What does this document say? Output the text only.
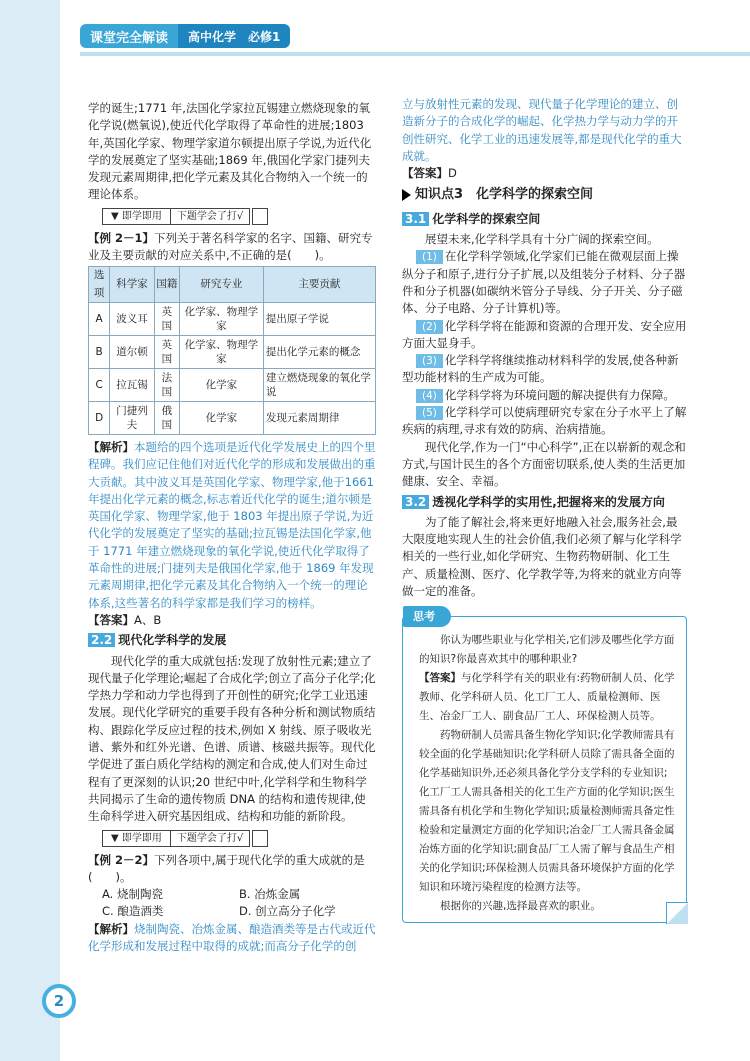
课堂完全解读	高中化学　必修1

学的诞生;1771 年,法国化学家拉瓦锡建立燃烧现象的氧化学说(燃氧说),使近代化学取得了革命性的进展;1803 年,英国化学家、物理学家道尔顿提出原子学说,为近代化学的发展奠定了坚实基础;1869 年,俄国化学家门捷列夫发现元素周期律,把化学元素及其化合物纳入一个统一的理论体系。

▼ 即学即用	下题学会了打√

【例 2－1】下列关于著名科学家的名字、国籍、研究专业及主要贡献的对应关系中,不正确的是(　　)。

选项	科学家	国籍	研究专业	主要贡献
A	波义耳	英国	化学家、物理学家	提出原子学说
B	道尔顿	英国	化学家、物理学家	提出化学元素的概念
C	拉瓦锡	法国	化学家	建立燃烧现象的氧化学说
D	门捷列夫	俄国	化学家	发现元素周期律

【解析】本题给的四个选项是近代化学发展史上的四个里程碑。我们应记住他们对近代化学的形成和发展做出的重大贡献。其中波义耳是英国化学家、物理学家,他于1661 年提出化学元素的概念,标志着近代化学的诞生;道尔顿是英国化学家、物理学家,他于 1803 年提出原子学说,为近代化学的发展奠定了坚实的基础;拉瓦锡是法国化学家,他于 1771 年建立燃烧现象的氧化学说,使近代化学取得了革命性的进展;门捷列夫是俄国化学家,他于 1869 年发现元素周期律,把化学元素及其化合物纳入一个统一的理论体系,这些著名的科学家都是我们学习的榜样。

【答案】A、B

2.2 现代化学科学的发展

现代化学的重大成就包括:发现了放射性元素;建立了现代量子化学理论;崛起了合成化学;创立了高分子化学;化学热力学和动力学也得到了开创性的研究;化学工业迅速发展。现代化学研究的重要手段有各种分析和测试物质结构、跟踪化学反应过程的技术,例如 X 射线、原子吸收光谱、紫外和红外光谱、色谱、质谱、核磁共振等。现代化学促进了蛋白质化学结构的测定和合成,使人们对生命过程有了更深刻的认识;20 世纪中叶,化学科学和生物科学共同揭示了生命的遗传物质 DNA 的结构和遗传规律,使生命科学进入研究基因组成、结构和功能的新阶段。

▼ 即学即用	下题学会了打√

【例 2－2】下列各项中,属于现代化学的重大成就的是(　　)。

A. 烧制陶瓷	B. 冶炼金属
C. 酿造酒类	D. 创立高分子化学

【解析】烧制陶瓷、冶炼金属、酿造酒类等是古代或近代化学形成和发展过程中取得的成就;而高分子化学的创

立与放射性元素的发现、现代量子化学理论的建立、创造新分子的合成化学的崛起、化学热力学与动力学的开创性研究、化学工业的迅速发展等,都是现代化学的重大成就。

【答案】D

知识点3　化学科学的探索空间
3.1 化学科学的探索空间

展望未来,化学科学具有十分广阔的探索空间。

(1) 在化学科学领域,化学家们已能在微观层面上操纵分子和原子,进行分子扩展,以及组装分子材料、分子器件和分子机器(如碳纳米管分子导线、分子开关、分子磁体、分子电路、分子计算机)等。

(2) 化学科学将在能源和资源的合理开发、安全应用方面大显身手。

(3) 化学科学将继续推动材料科学的发展,使各种新型功能材料的生产成为可能。

(4) 化学科学将为环境问题的解决提供有力保障。

(5) 化学科学可以使病理研究专家在分子水平上了解疾病的病理,寻求有效的防病、治病措施。

现代化学,作为一门“中心科学”,正在以崭新的观念和方式,与国计民生的各个方面密切联系,使人类的生活更加健康、安全、幸福。

3.2 透视化学科学的实用性,把握将来的发展方向

为了能了解社会,将来更好地融入社会,服务社会,最大限度地实现人生的社会价值,我们必须了解与化学科学相关的一些行业,如化学研究、生物药物研制、化工生产、质量检测、医疗、化学教学等,为将来的就业方向等做一定的准备。

思考

你认为哪些职业与化学相关,它们涉及哪些化学方面的知识?你最喜欢其中的哪种职业?

【答案】与化学科学有关的职业有:药物研制人员、化学教师、化学科研人员、化工厂工人、质量检测师、医生、冶金厂工人、副食品厂工人、环保检测人员等。

药物研制人员需具备生物化学知识;化学教师需具有较全面的化学基础知识;化学科研人员除了需具备全面的化学基础知识外,还必须具备化学分支学科的专业知识;化工厂工人需具备相关的化工生产方面的化学知识;医生需具备有机化学和生物化学知识;质量检测师需具备定性检验和定量测定方面的化学知识;冶金厂工人需具备金属冶炼方面的化学知识;副食品厂工人需了解与食品生产相关的化学知识;环保检测人员需具备环境保护方面的化学知识和环境污染程度的检测方法等。

根据你的兴趣,选择最喜欢的职业。

2
